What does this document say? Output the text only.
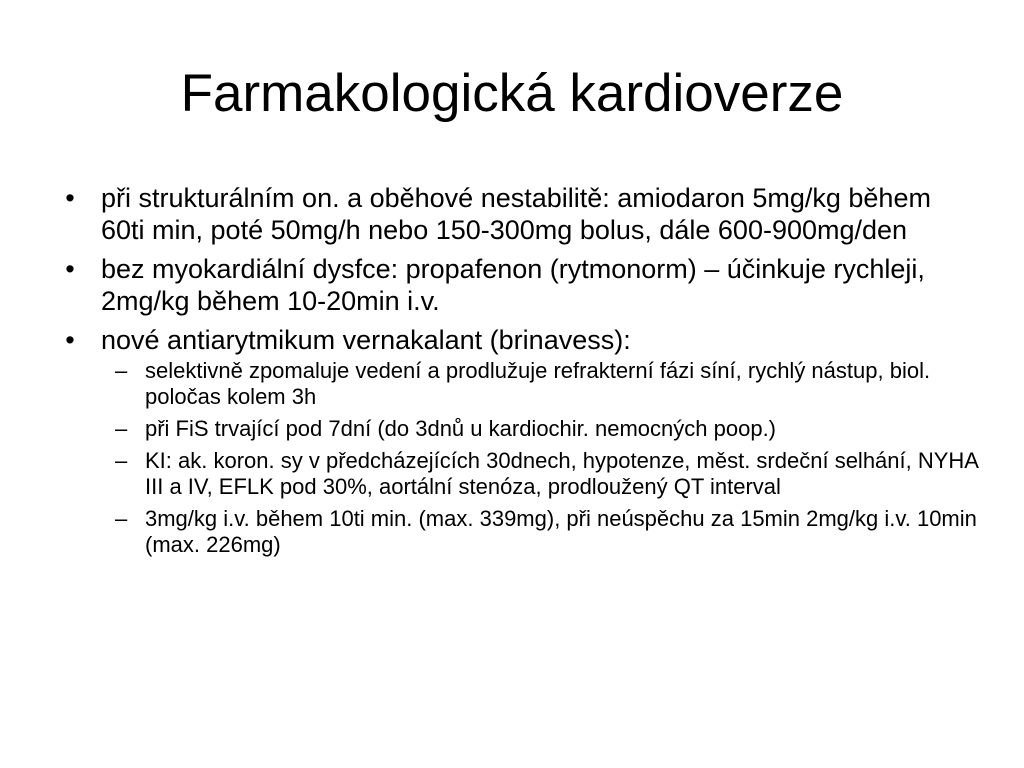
Farmakologická kardioverze
• při strukturálním on. a oběhové nestabilitě: amiodaron 5mg/kg během 60ti min, poté 50mg/h nebo 150-300mg bolus, dále 600-900mg/den
• bez myokardiální dysfce: propafenon (rytmonorm) – účinkuje rychleji, 2mg/kg během 10-20min i.v.
• nové antiarytmikum vernakalant (brinavess):
– selektivně zpomaluje vedení a prodlužuje refrakterní fázi síní, rychlý nástup, biol. poločas kolem 3h
– při FiS trvající pod 7dní (do 3dnů u kardiochir. nemocných poop.)
– KI: ak. koron. sy v předcházejících 30dnech, hypotenze, měst. srdeční selhání, NYHA III a IV, EFLK pod 30%, aortální stenóza, prodloužený QT interval
– 3mg/kg i.v. během 10ti min. (max. 339mg), při neúspěchu za 15min 2mg/kg i.v. 10min (max. 226mg)
